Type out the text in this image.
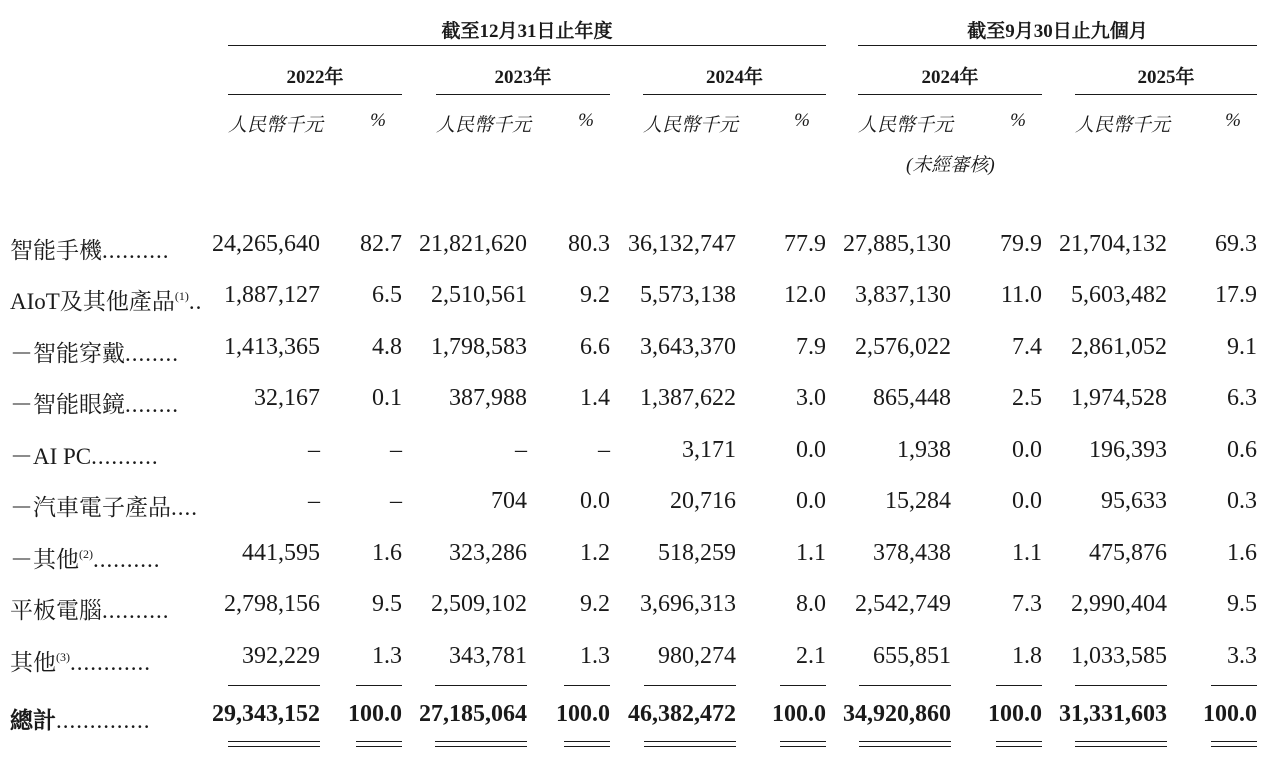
截至12月31日止年度	截至9月30日止九個月
2022年
人民幣千元 %
2023年
人民幣千元 %
2024年
人民幣千元	%
2024年
人民幣千元	%
2025年
人民幣千元	%
(未經審核)
智能手機..........	24,265,640 82.7 21,821,620 80.3 36,132,747 77.9 27,885,130 79.9 21,704,132 69.3
AIoT及其他產品$^{(1)}$.. 1,887,127 6.5 2,510,561 9.2 5,573,138 12.0 3,837,130 11.0 5,603,482 17.9
－智能穿戴........	1,413,365 4.8 1,798,583 6.6 3,643,370	7.9 2,576,022	7.4 2,861,052	9.1
－智能眼鏡........	32,167 0.1 387,988 1.4 1,387,622	3.0 865,448	2.5 1,974,528	6.3
－AI PC..........	–	–	–	–	3,171	0.0	1,938	0.0 196,393	0.6
－汽車電子產品....	–	–	704 0.0	20,716	0.0 15,284	0.0 95,633	0.3
－其他$^{(2)}$..........	441,595 1.6 323,286 1.2 518,259	1.1 378,438	1.1 475,876	1.6
平板電腦..........	2,798,156 9.5 2,509,102 9.2 3,696,313	8.0 2,542,749	7.3 2,990,404	9.5
其他$^{(3)}$............	392,229 1.3 343,781 1.3 980,274	2.1 655,851	1.8 1,033,585	3.3
總計..............	29,343,152 100.0 27,185,064 100.0 46,382,472 100.0 34,920,860 100.0 31,331,603 100.0
